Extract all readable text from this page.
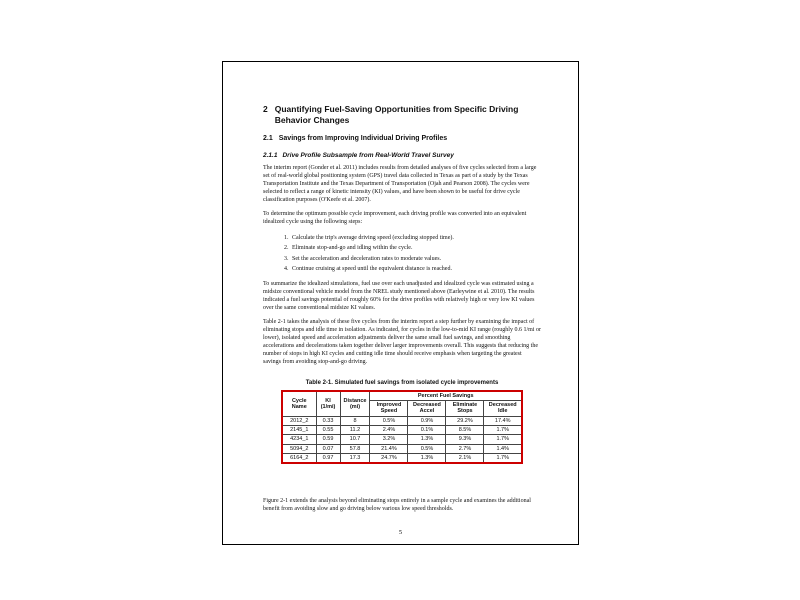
2 Quantifying Fuel-Saving Opportunities from Specific Driving Behavior Changes
2.1 Savings from Improving Individual Driving Profiles
2.1.1 Drive Profile Subsample from Real-World Travel Survey

The interim report (Gonder et al. 2011) includes results from detailed analyses of five cycles selected from a large set of real-world global positioning system (GPS) travel data collected in Texas as part of a study by the Texas Transportation Institute and the Texas Department of Transportation (Ojah and Pearson 2008). The cycles were selected to reflect a range of kinetic intensity (KI) values, and have been shown to be useful for drive cycle classification purposes (O'Keefe et al. 2007).

To determine the optimum possible cycle improvement, each driving profile was converted into an equivalent idealized cycle using the following steps:

1. Calculate the trip's average driving speed (excluding stopped time).
2. Eliminate stop-and-go and idling within the cycle.
3. Set the acceleration and deceleration rates to moderate values.
4. Continue cruising at speed until the equivalent distance is reached.

To summarize the idealized simulations, fuel use over each unadjusted and idealized cycle was estimated using a midsize conventional vehicle model from the NREL study mentioned above (Earleywine et al. 2010). The results indicated a fuel savings potential of roughly 60% for the drive profiles with relatively high or very low KI values over the same conventional midsize KI values.

Table 2-1 takes the analysis of these five cycles from the interim report a step further by examining the impact of eliminating stops and idle time in isolation. As indicated, for cycles in the low-to-mid KI range (roughly 0.6 1/mi or lower), isolated speed and acceleration adjustments deliver the same small fuel savings, and smoothing accelerations and decelerations taken together deliver larger improvements overall. This suggests that reducing the number of stops in high KI cycles and cutting idle time should receive emphasis when targeting the greatest savings from avoiding stop-and-go driving.

Table 2-1. Simulated fuel savings from isolated cycle improvements
Cycle Name	KI (1/mi)	Distance (mi)	Percent Fuel Savings			
			Improved Speed	Decreased Accel	Eliminate Stops	Decreased Idle
2012_2	0.33	8	0.5%	0.9%	29.2%	17.4%
2145_1	0.55	11.2	2.4%	0.1%	8.5%	1.7%
4234_1	0.59	10.7	3.2%	1.3%	9.3%	1.7%
5094_2	0.07	57.8	21.4%	0.5%	2.7%	1.4%
6164_2	0.97	17.3	24.7%	1.3%	2.1%	1.7%

Figure 2-1 extends the analysis beyond eliminating stops entirely in a sample cycle and examines the additional benefit from avoiding slow and go driving below various low speed thresholds.

5
